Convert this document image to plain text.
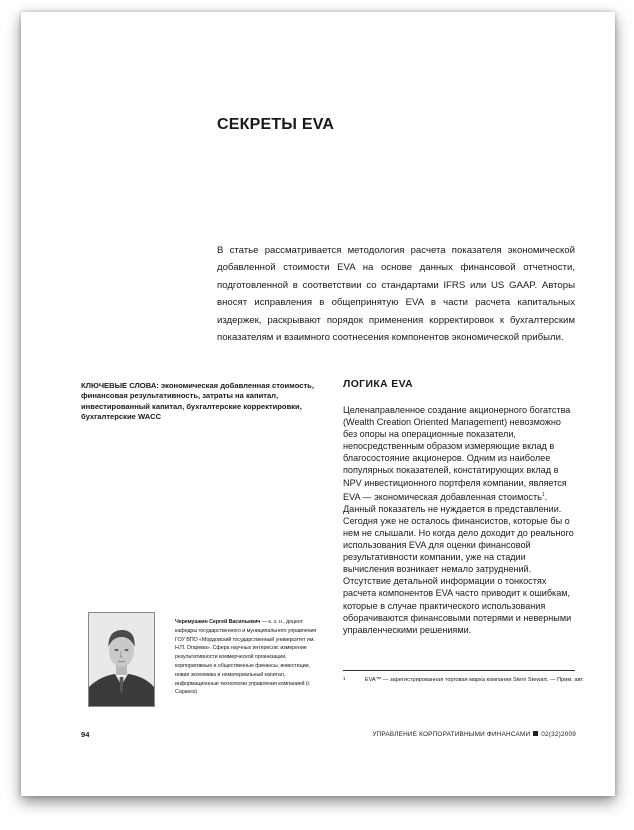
СЕКРЕТЫ EVA
В статье рассматривается методология расчета показателя экономической добавленной стоимости EVA на основе данных финансовой отчетности, подготовленной в соответствии со стандартами IFRS или US GAAP. Авторы вносят исправления в общепринятую EVA в части расчета капитальных издержек, раскрывают порядок применения корректировок к бухгалтерским показателям и взаимного соотнесения компонентов экономической прибыли.
КЛЮЧЕВЫЕ СЛОВА: экономическая добавленная стоимость, финансовая результативность, затраты на капитал, инвестированный капитал, бухгалтерские корректировки, бухгалтерские WACC
ЛОГИКА EVA

Целенаправленное создание акционерного богатства (Wealth Creation Oriented Management) невозможно без опоры на операционные показатели, непосредственным образом измеряющие вклад в благосостояние акционеров. Одним из наиболее популярных показателей, констатирующих вклад в NPV инвестиционного портфеля компании, является EVA — экономическая добавленная стоимость$^1$. Данный показатель не нуждается в представлении. Сегодня уже не осталось финансистов, которые бы о нем не слышали. Но когда дело доходит до реального использования EVA для оценки финансовой результативности компании, уже на стадии вычисления возникает немало затруднений. Отсутствие детальной информации о тонкостях расчета компонентов EVA часто приводит к ошибкам, которые в случае практического использования оборачиваются финансовыми потерями и неверными управленческими решениями.

1	EVA™ — зарегистрированная торговая марка компании Stern Stewart. — Прим. авт.
Черемушкин Сергей Васильевич — к. э. н., доцент кафедры государственного и муниципального управления ГОУ ВПО «Мордовский государственный университет им. Н.П. Огарева». Сфера научных интересов: измерение результативности коммерческой организации, корпоративные и общественные финансы, инвестиции, новая экономика и нематериальный капитал, информационные технологии управления компанией (г. Саранск)
94	УПРАВЛЕНИЕ КОРПОРАТИВНЫМИ ФИНАНСАМИ 02(32)2009
